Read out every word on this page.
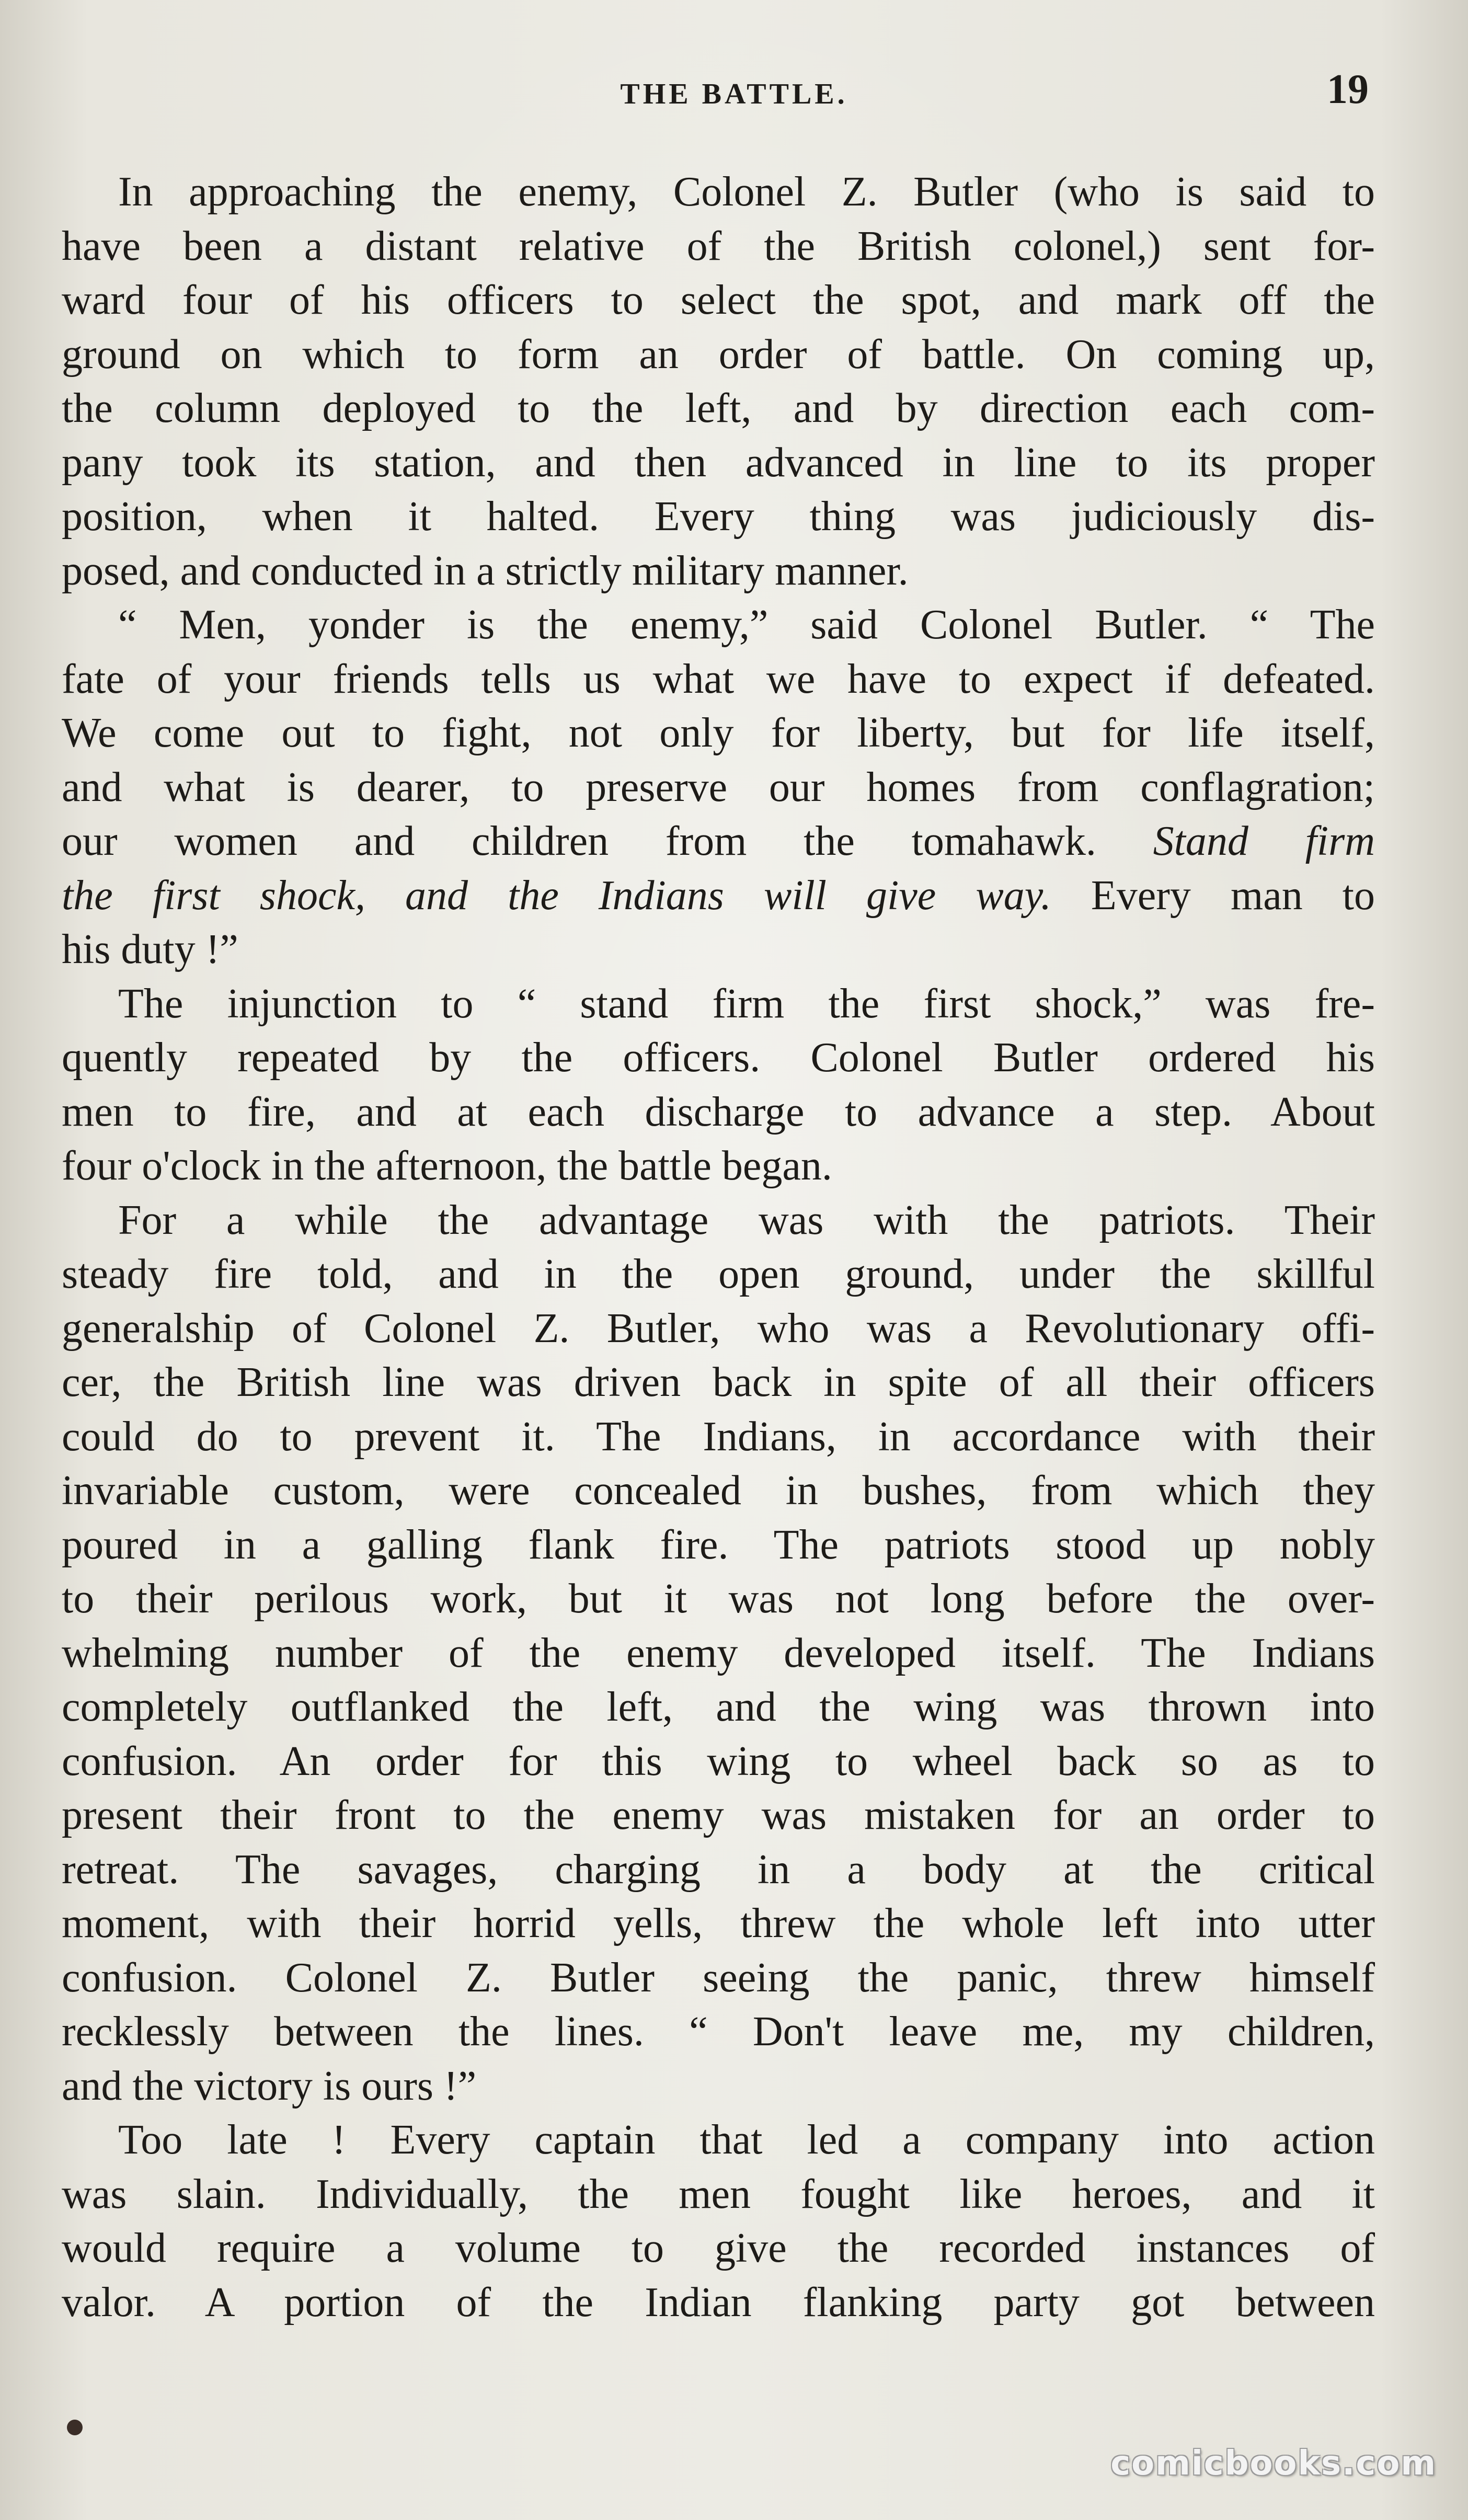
THE BATTLE.	19
In approaching the enemy, Colonel Z. Butler (who is said to
have been a distant relative of the British colonel,) sent for-
ward four of his officers to select the spot, and mark off the
ground on which to form an order of battle. On coming up,
the column deployed to the left, and by direction each com-
pany took its station, and then advanced in line to its proper
position, when it halted. Every thing was judiciously dis-
posed, and conducted in a strictly military manner.
“ Men, yonder is the enemy,” said Colonel Butler. “ The
fate of your friends tells us what we have to expect if defeated.
We come out to fight, not only for liberty, but for life itself,
and what is dearer, to preserve our homes from conflagration;
our women and children from the tomahawk. Stand firm
the first shock, and the Indians will give way. Every man to
his duty !”
The injunction to “ stand firm the first shock,” was fre-
quently repeated by the officers. Colonel Butler ordered his
men to fire, and at each discharge to advance a step. About
four o'clock in the afternoon, the battle began.
For a while the advantage was with the patriots. Their
steady fire told, and in the open ground, under the skillful
generalship of Colonel Z. Butler, who was a Revolutionary offi-
cer, the British line was driven back in spite of all their officers
could do to prevent it. The Indians, in accordance with their
invariable custom, were concealed in bushes, from which they
poured in a galling flank fire. The patriots stood up nobly
to their perilous work, but it was not long before the over-
whelming number of the enemy developed itself. The Indians
completely outflanked the left, and the wing was thrown into
confusion. An order for this wing to wheel back so as to
present their front to the enemy was mistaken for an order to
retreat. The savages, charging in a body at the critical
moment, with their horrid yells, threw the whole left into utter
confusion. Colonel Z. Butler seeing the panic, threw himself
recklessly between the lines. “ Don't leave me, my children,
and the victory is ours !”
Too late ! Every captain that led a company into action
was slain. Individually, the men fought like heroes, and it
would require a volume to give the recorded instances of
valor. A portion of the Indian flanking party got between
comicbooks.com
